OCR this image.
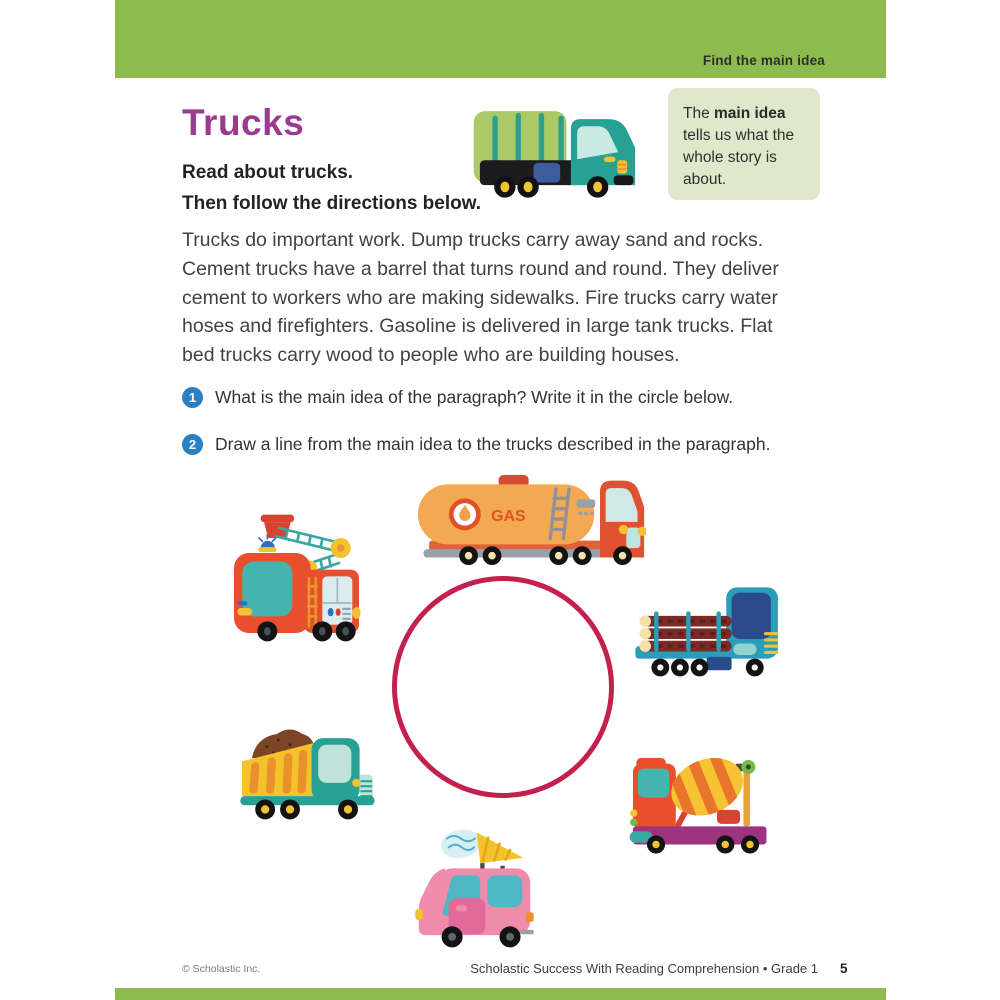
Find the main idea
Trucks
Read about trucks.
Then follow the directions below.
The main idea tells us what the whole story is about.
Trucks do important work. Dump trucks carry away sand and rocks.
Cement trucks have a barrel that turns round and round. They deliver
cement to workers who are making sidewalks. Fire trucks carry water
hoses and firefighters. Gasoline is delivered in large tank trucks. Flat
bed trucks carry wood to people who are building houses.
1	What is the main idea of the paragraph? Write it in the circle below.
2	Draw a line from the main idea to the trucks described in the paragraph.
GAS
© Scholastic Inc.	Scholastic Success With Reading Comprehension • Grade 1 5
